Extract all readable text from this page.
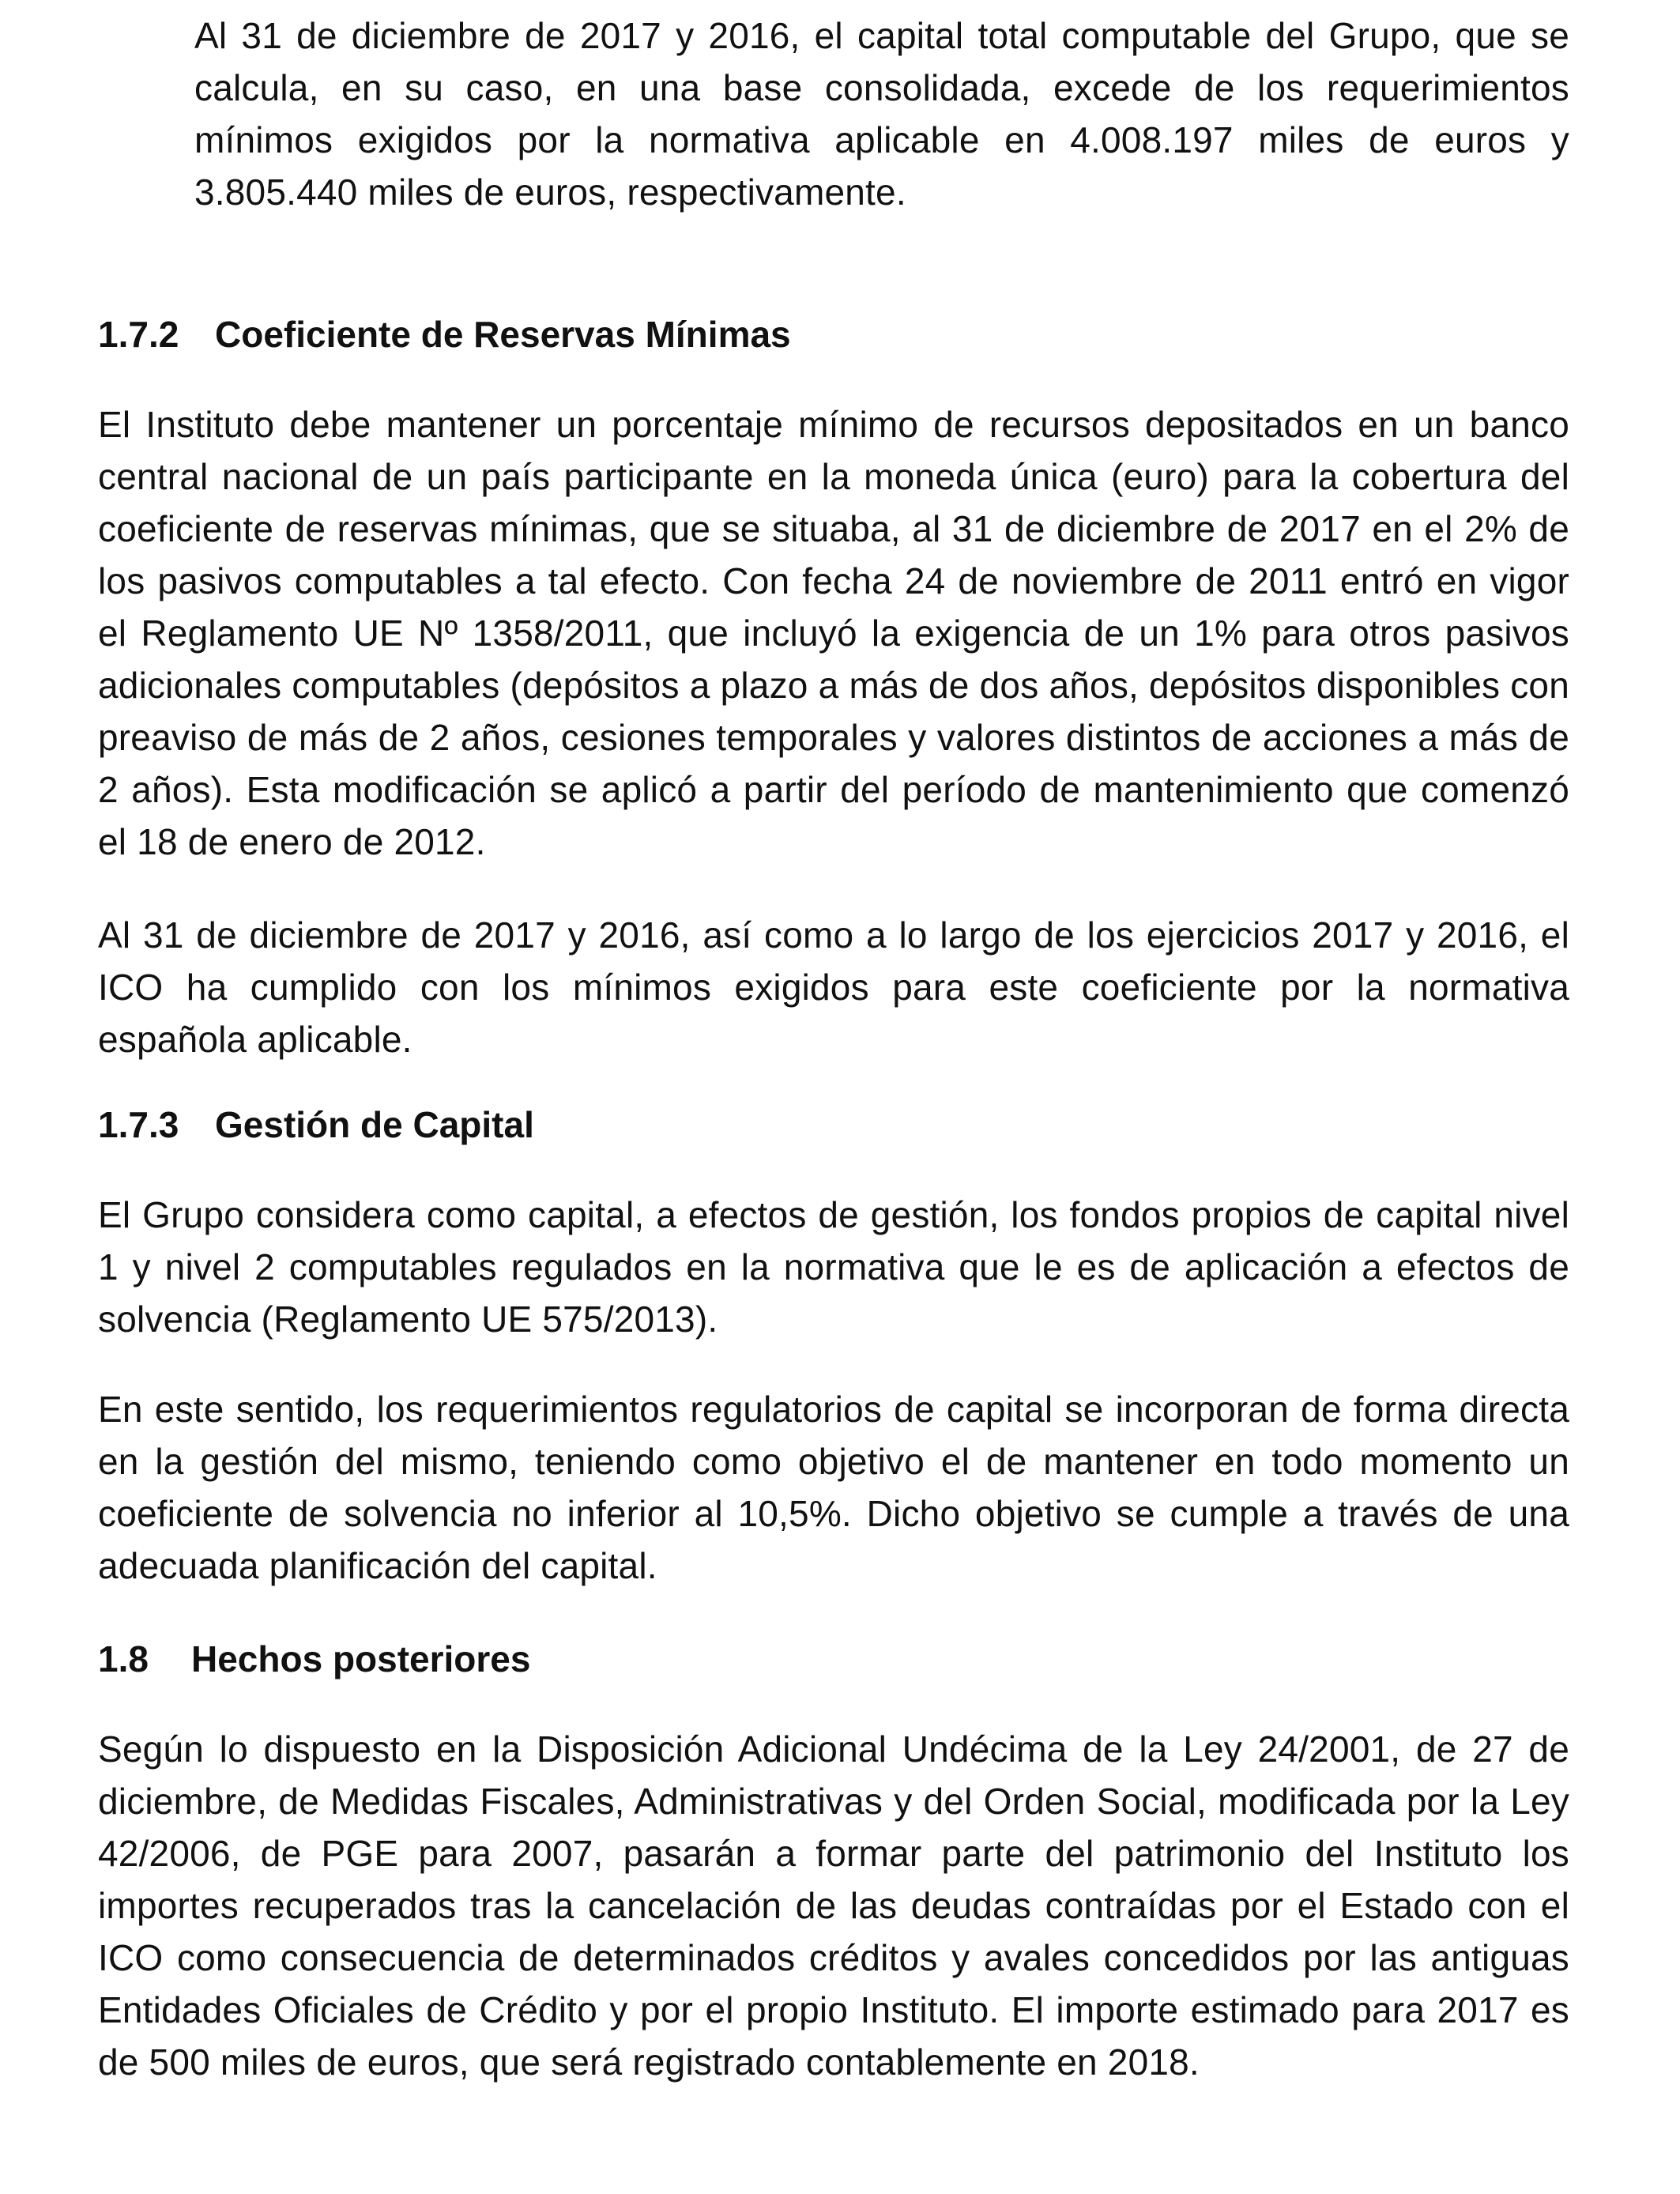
Al 31 de diciembre de 2017 y 2016, el capital total computable del Grupo, que se calcula, en su caso, en una base consolidada, excede de los requerimientos mínimos exigidos por la normativa aplicable en 4.008.197 miles de euros y 3.805.440 miles de euros, respectivamente.

1.7.2 Coeficiente de Reservas Mínimas

El Instituto debe mantener un porcentaje mínimo de recursos depositados en un banco central nacional de un país participante en la moneda única (euro) para la cobertura del coeficiente de reservas mínimas, que se situaba, al 31 de diciembre de 2017 en el 2% de los pasivos computables a tal efecto. Con fecha 24 de noviembre de 2011 entró en vigor el Reglamento UE Nº 1358/2011, que incluyó la exigencia de un 1% para otros pasivos adicionales computables (depósitos a plazo a más de dos años, depósitos disponibles con preaviso de más de 2 años, cesiones temporales y valores distintos de acciones a más de 2 años). Esta modificación se aplicó a partir del período de mantenimiento que comenzó el 18 de enero de 2012.

Al 31 de diciembre de 2017 y 2016, así como a lo largo de los ejercicios 2017 y 2016, el ICO ha cumplido con los mínimos exigidos para este coeficiente por la normativa española aplicable.

1.7.3 Gestión de Capital

El Grupo considera como capital, a efectos de gestión, los fondos propios de capital nivel 1 y nivel 2 computables regulados en la normativa que le es de aplicación a efectos de solvencia (Reglamento UE 575/2013).

En este sentido, los requerimientos regulatorios de capital se incorporan de forma directa en la gestión del mismo, teniendo como objetivo el de mantener en todo momento un coeficiente de solvencia no inferior al 10,5%. Dicho objetivo se cumple a través de una adecuada planificación del capital.

1.8 Hechos posteriores

Según lo dispuesto en la Disposición Adicional Undécima de la Ley 24/2001, de 27 de diciembre, de Medidas Fiscales, Administrativas y del Orden Social, modificada por la Ley 42/2006, de PGE para 2007, pasarán a formar parte del patrimonio del Instituto los importes recuperados tras la cancelación de las deudas contraídas por el Estado con el ICO como consecuencia de determinados créditos y avales concedidos por las antiguas Entidades Oficiales de Crédito y por el propio Instituto. El importe estimado para 2017 es de 500 miles de euros, que será registrado contablemente en 2018.
